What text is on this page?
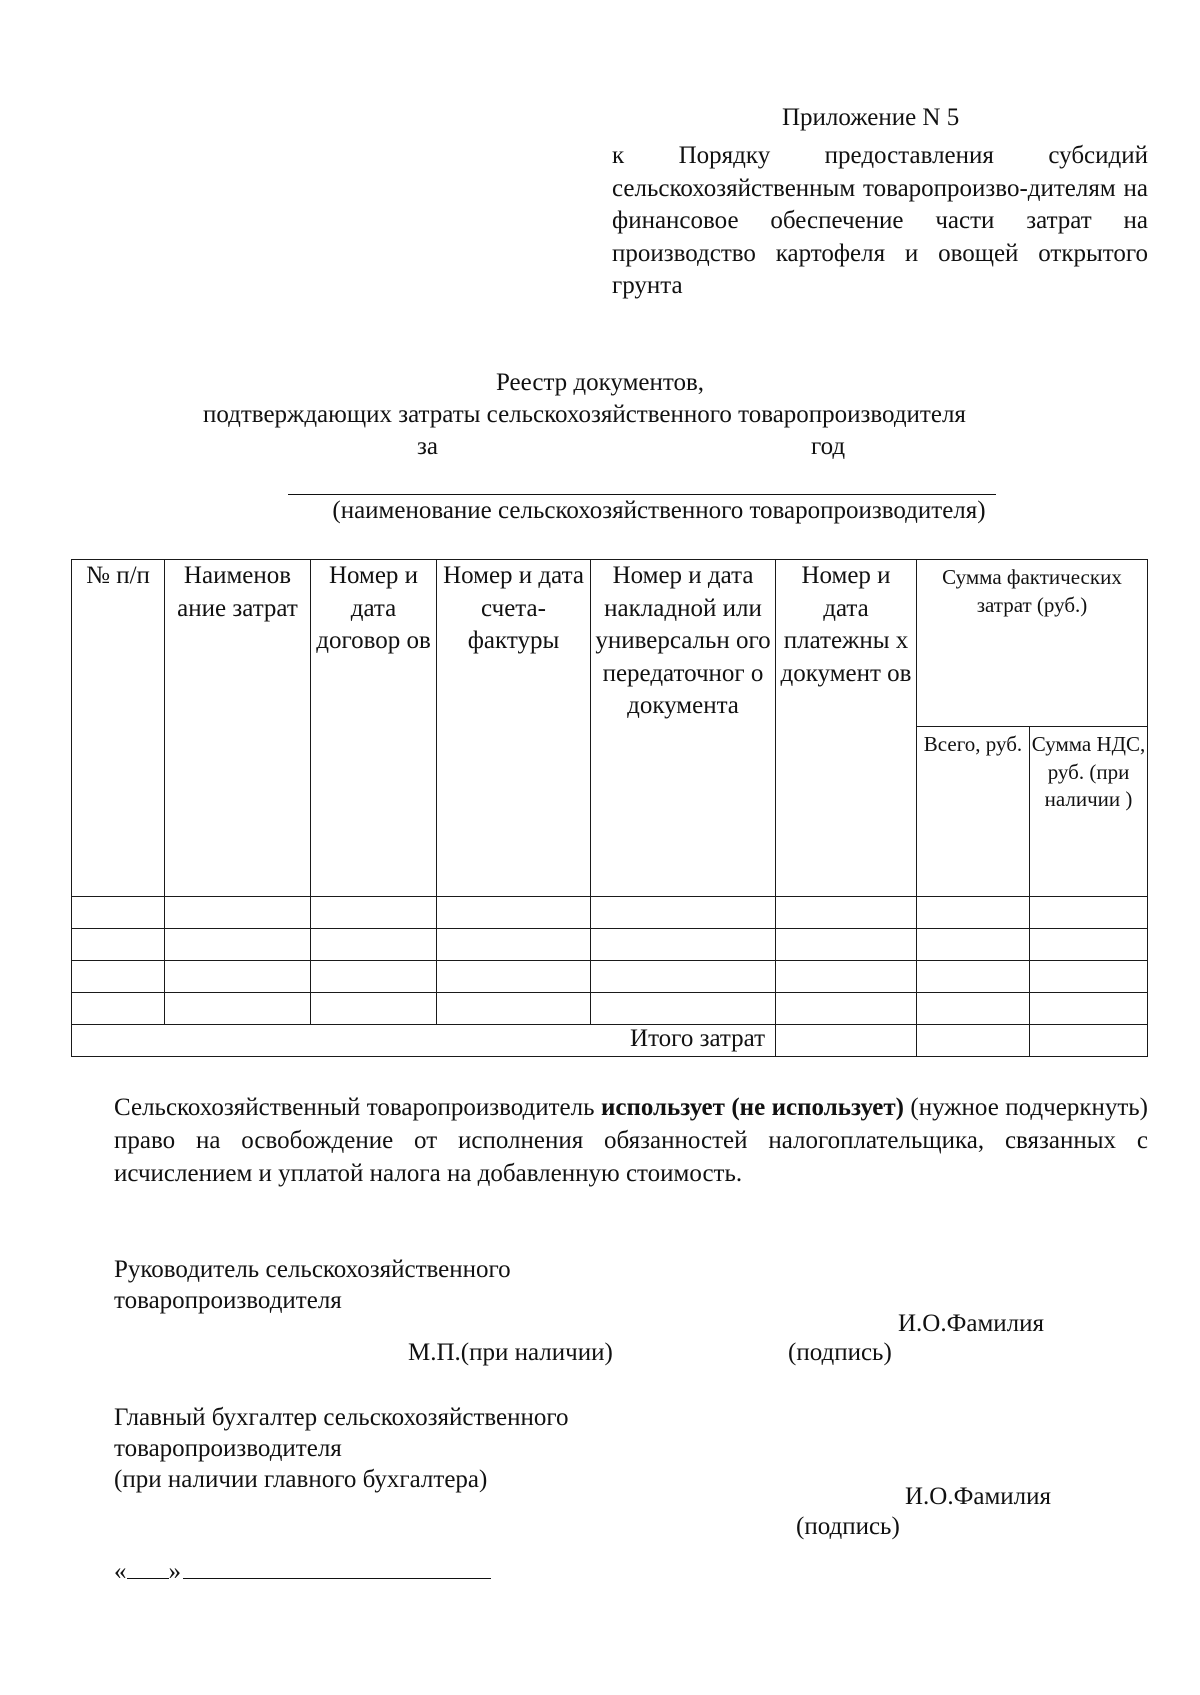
Приложение N 5
к Порядку предоставления субсидий сельскохозяйственным товаропроизво-дителям на финансовое обеспечение части затрат на производство картофеля и овощей открытого грунта
Реестр документов,
подтверждающих затраты сельскохозяйственного товаропроизводителя
за	год
(наименование сельскохозяйственного товаропроизводителя)
№ п/п	Наименов ание затрат	Номер и дата договор ов	Номер и дата счета-фактуры	Номер и дата накладной или универсальн ого передаточног о документа	Номер и дата платежны х документ ов	Сумма фактических затрат (руб.)	
						Всего, руб.	Сумма НДС, руб. (при наличии )

Итого затрат							
Сельскохозяйственный товаропроизводитель использует (не использует) (нужное подчеркнуть) право на освобождение от исполнения обязанностей налогоплательщика, связанных с исчислением и уплатой налога на добавленную стоимость.
Руководитель сельскохозяйственного
товаропроизводителя
И.О.Фамилия
М.П.(при наличии)	(подпись)
Главный бухгалтер сельскохозяйственного
товаропроизводителя
(при наличии главного бухгалтера)
И.О.Фамилия
(подпись)
« »
